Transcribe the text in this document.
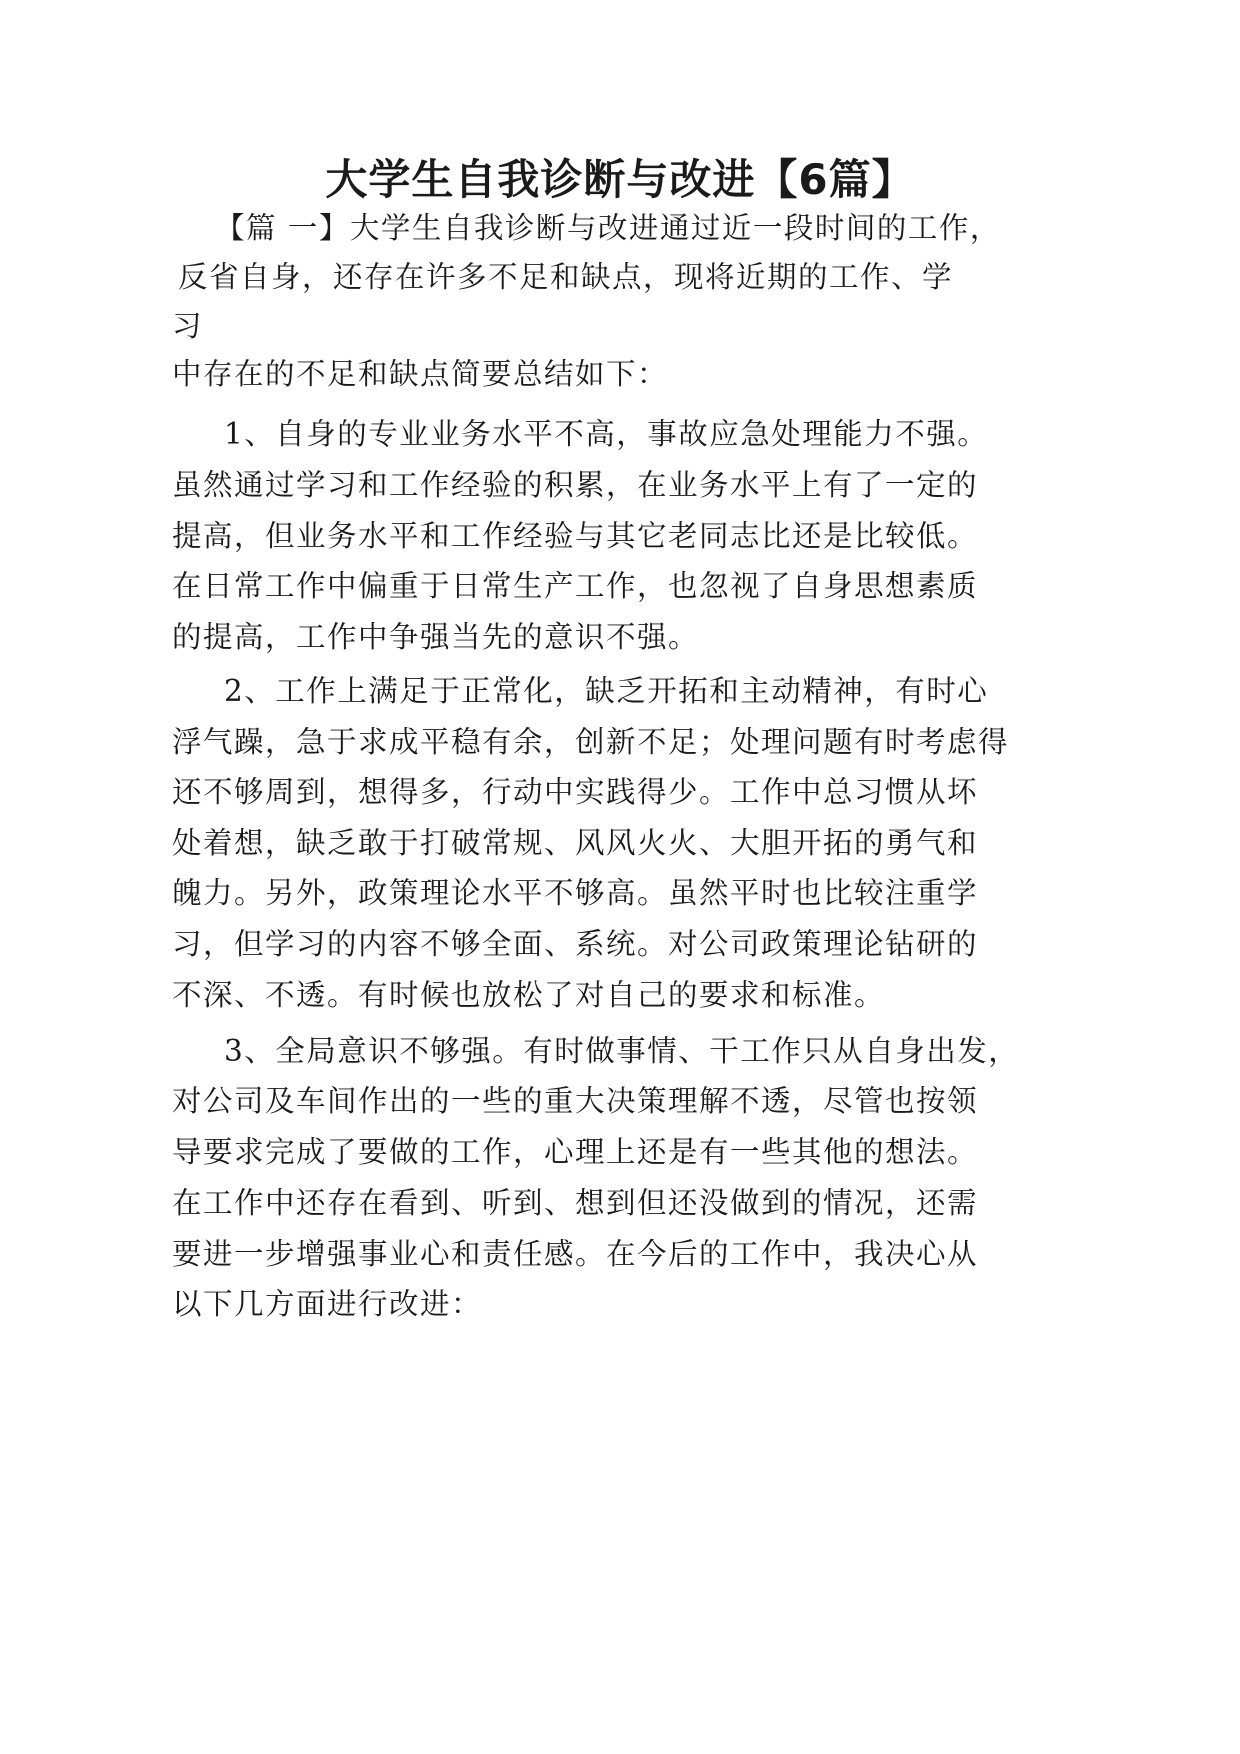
大学生自我诊断与改进【6篇】
【篇 一】大学生自我诊断与改进通过近一段时间的工作，
反省自身，还存在许多不足和缺点，现将近期的工作、学
习
中存在的不足和缺点简要总结如下：
1、自身的专业业务水平不高，事故应急处理能力不强。
虽然通过学习和工作经验的积累，在业务水平上有了一定的
提高，但业务水平和工作经验与其它老同志比还是比较低。
在日常工作中偏重于日常生产工作，也忽视了自身思想素质
的提高，工作中争强当先的意识不强。
2、工作上满足于正常化，缺乏开拓和主动精神，有时心
浮气躁，急于求成平稳有余，创新不足；处理问题有时考虑得
还不够周到，想得多，行动中实践得少。工作中总习惯从坏
处着想，缺乏敢于打破常规、风风火火、大胆开拓的勇气和
魄力。另外，政策理论水平不够高。虽然平时也比较注重学
习，但学习的内容不够全面、系统。对公司政策理论钻研的
不深、不透。有时候也放松了对自己的要求和标准。
3、全局意识不够强。有时做事情、干工作只从自身出发，
对公司及车间作出的一些的重大决策理解不透，尽管也按领
导要求完成了要做的工作，心理上还是有一些其他的想法。
在工作中还存在看到、听到、想到但还没做到的情况，还需
要进一步增强事业心和责任感。在今后的工作中，我决心从
以下几方面进行改进：
